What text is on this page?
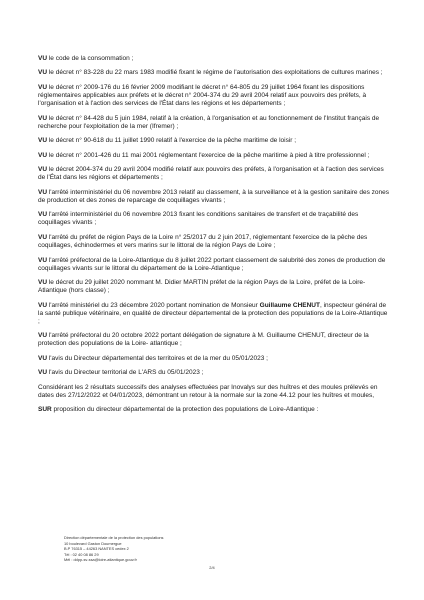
VU le code de la consommation ;

VU le décret n° 83-228 du 22 mars 1983 modifié fixant le régime de l'autorisation des exploitations de cultures marines ;

VU le décret n° 2009-176 du 16 février 2009 modifiant le décret n° 64-805 du 29 juillet 1964 fixant les dispositions réglementaires applicables aux préfets et le décret n° 2004-374 du 29 avril 2004 relatif aux pouvoirs des préfets, à l'organisation et à l'action des services de l'État dans les régions et les départements ;

VU le décret n° 84-428 du 5 juin 1984, relatif à la création, à l'organisation et au fonctionnement de l'Institut français de recherche pour l'exploitation de la mer (Ifremer) ;

VU le décret n° 90-618 du 11 juillet 1990 relatif à l'exercice de la pêche maritime de loisir ;

VU le décret n° 2001-426 du 11 mai 2001 réglementant l'exercice de la pêche maritime à pied à titre professionnel ;

VU le décret 2004-374 du 29 avril 2004 modifié relatif aux pouvoirs des préfets, à l'organisation et à l'action des services de l'État dans les régions et départements ;

VU l'arrêté interministériel du 06 novembre 2013 relatif au classement, à la surveillance et à la gestion sanitaire des zones de production et des zones de reparcage de coquillages vivants ;

VU l'arrêté interministériel du 06 novembre 2013 fixant les conditions sanitaires de transfert et de traçabilité des coquillages vivants ;

VU l'arrêté du préfet de région Pays de la Loire n° 25/2017 du 2 juin 2017, réglementant l'exercice de la pêche des coquillages, échinodermes et vers marins sur le littoral de la région Pays de Loire ;

VU l'arrêté préfectoral de la Loire-Atlantique du 8 juillet 2022 portant classement de salubrité des zones de production de coquillages vivants sur le littoral du département de la Loire-Atlantique ;

VU le décret du 29 juillet 2020 nommant M. Didier MARTIN préfet de la région Pays de la Loire, préfet de la Loire-Atlantique (hors classe) ;

VU l'arrêté ministériel du 23 décembre 2020 portant nomination de Monsieur Guillaume CHENUT, inspecteur général de la santé publique vétérinaire, en qualité de directeur départemental de la protection des populations de la Loire-Atlantique ;

VU l'arrêté préfectoral du 20 octobre 2022 portant délégation de signature à M. Guillaume CHENUT, directeur de la protection des populations de la Loire- atlantique ;

VU l'avis du Directeur départemental des territoires et de la mer du 05/01/2023 ;

VU l'avis du Directeur territorial de L'ARS du 05/01/2023 ;

Considérant les 2 résultats successifs des analyses effectuées par Inovalys sur des huîtres et des moules prélevés en dates des 27/12/2022 et 04/01/2023, démontrant un retour à la normale sur la zone 44.12 pour les huîtres et moules,

SUR proposition du directeur départemental de la protection des populations de Loire-Atlantique :

Direction départementale de la protection des populations
10 boulevard Gaston Doumergue
B.P 76315 – 44263 NANTES cedex 2
Tél : 02 40 08 86 29
Mél : ddpp-sv-ssa@loire-atlantique.gouv.fr
2/4
